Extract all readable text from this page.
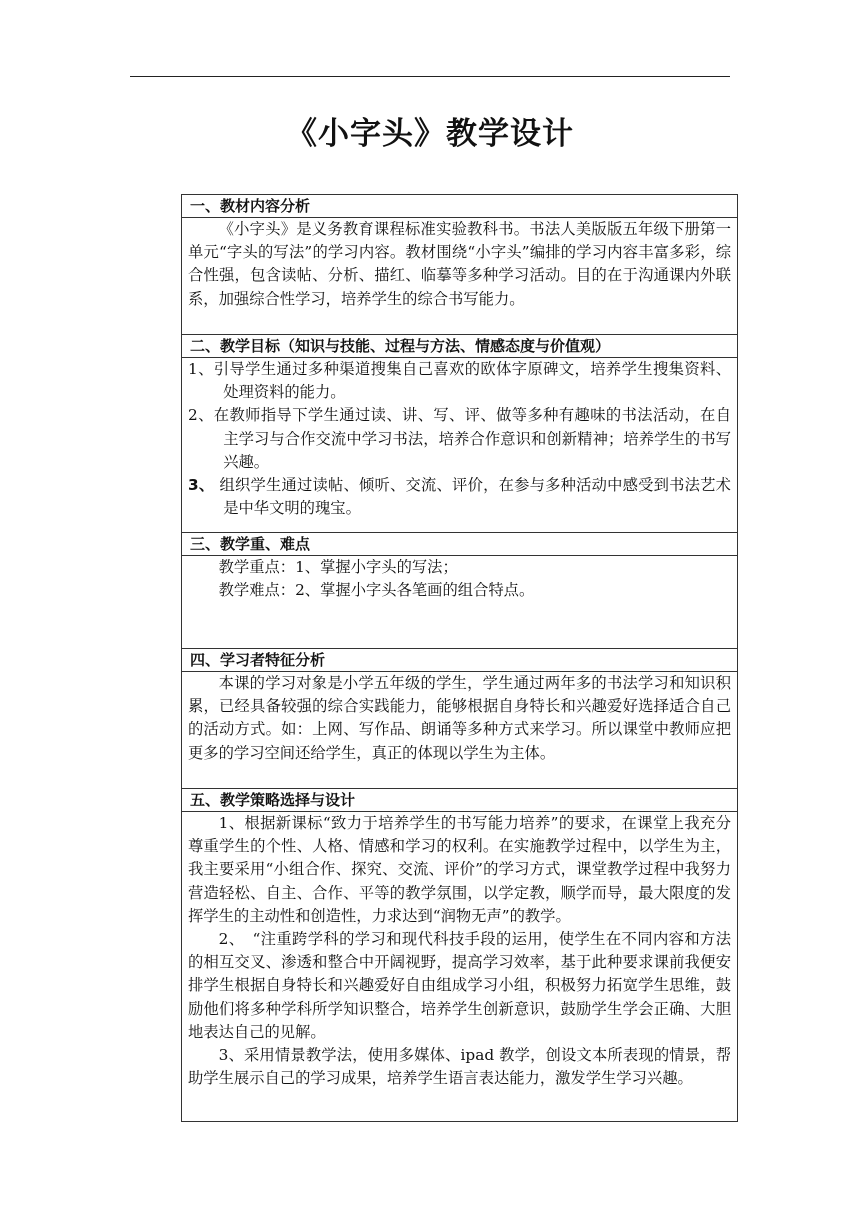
《小字头》教学设计
一、教材内容分析

《小字头》是义务教育课程标准实验教科书。书法人美版版五年级下册第一单元“字头的写法”的学习内容。教材围绕“小字头”编排的学习内容丰富多彩，综合性强，包含读帖、分析、描红、临摹等多种学习活动。目的在于沟通课内外联系，加强综合性学习，培养学生的综合书写能力。

二、教学目标（知识与技能、过程与方法、情感态度与价值观）

1、引导学生通过多种渠道搜集自己喜欢的欧体字原碑文，培养学生搜集资料、处理资料的能力。

2、在教师指导下学生通过读、讲、写、评、做等多种有趣味的书法活动，在自主学习与合作交流中学习书法，培养合作意识和创新精神；培养学生的书写兴趣。

3、 组织学生通过读帖、倾听、交流、评价，在参与多种活动中感受到书法艺术是中华文明的瑰宝。

三、教学重、难点

教学重点：1、掌握小字头的写法；

教学难点：2、掌握小字头各笔画的组合特点。

四、学习者特征分析

本课的学习对象是小学五年级的学生，学生通过两年多的书法学习和知识积累，已经具备较强的综合实践能力，能够根据自身特长和兴趣爱好选择适合自己的活动方式。如：上网、写作品、朗诵等多种方式来学习。所以课堂中教师应把更多的学习空间还给学生，真正的体现以学生为主体。

五、教学策略选择与设计

1、根据新课标“致力于培养学生的书写能力培养”的要求，在课堂上我充分尊重学生的个性、人格、情感和学习的权利。在实施教学过程中，以学生为主，我主要采用“小组合作、探究、交流、评价”的学习方式，课堂教学过程中我努力营造轻松、自主、合作、平等的教学氛围，以学定教，顺学而导，最大限度的发挥学生的主动性和创造性，力求达到“润物无声”的教学。

2、　“注重跨学科的学习和现代科技手段的运用，使学生在不同内容和方法的相互交叉、渗透和整合中开阔视野，提高学习效率，基于此种要求课前我便安排学生根据自身特长和兴趣爱好自由组成学习小组，积极努力拓宽学生思维，鼓励他们将多种学科所学知识整合，培养学生创新意识，鼓励学生学会正确、大胆地表达自己的见解。

3、采用情景教学法，使用多媒体、ipad 教学，创设文本所表现的情景，帮助学生展示自己的学习成果，培养学生语言表达能力，激发学生学习兴趣。
